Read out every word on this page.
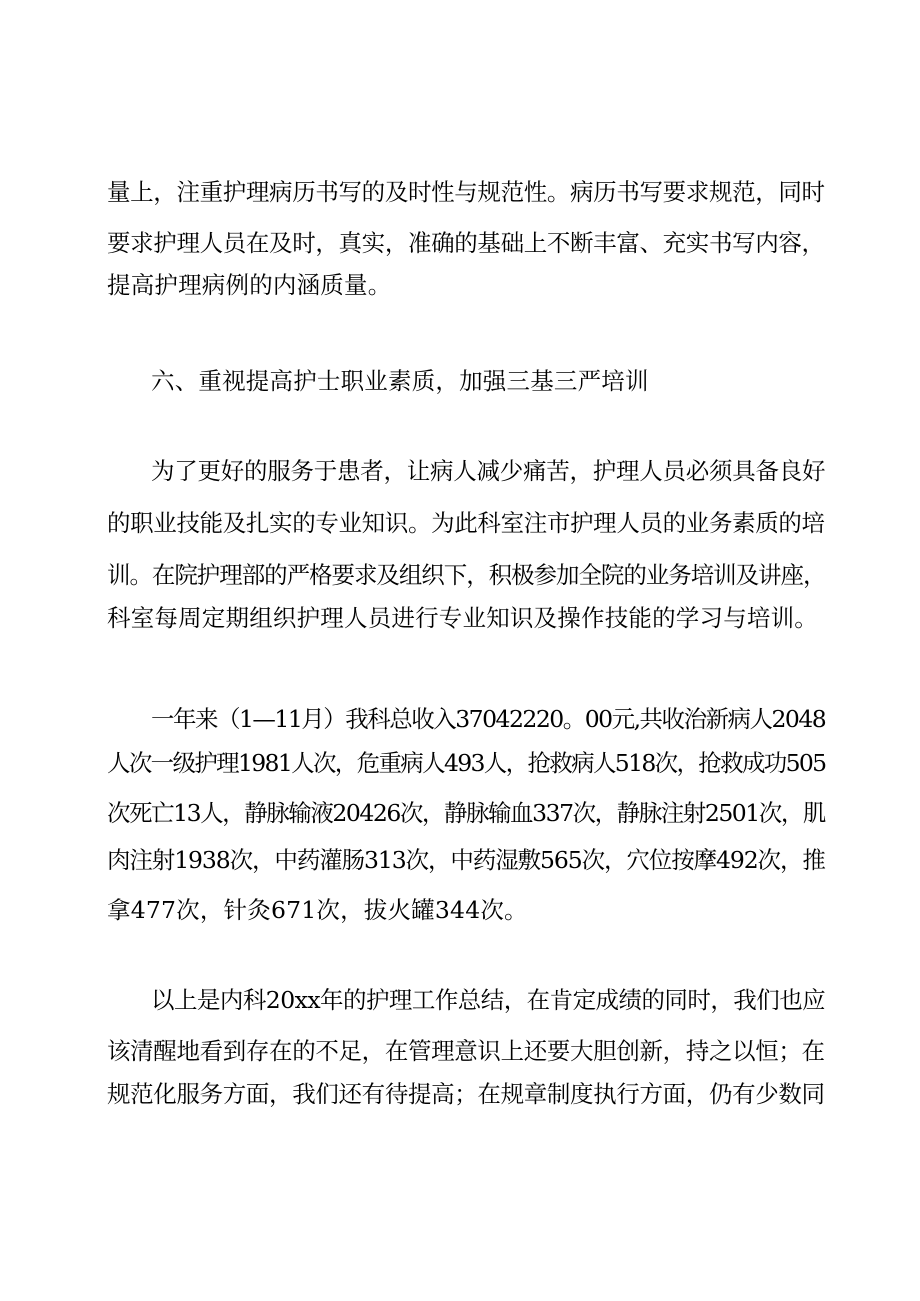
量上，注重护理病历书写的及时性与规范性。病历书写要求规范，同时
要求护理人员在及时，真实，准确的基础上不断丰富、充实书写内容，
提高护理病例的内涵质量。
六、重视提高护士职业素质，加强三基三严培训
为了更好的服务于患者，让病人减少痛苦，护理人员必须具备良好
的职业技能及扎实的专业知识。为此科室注市护理人员的业务素质的培
训。在院护理部的严格要求及组织下，积极参加全院的业务培训及讲座，
科室每周定期组织护理人员进行专业知识及操作技能的学习与培训。
一年来（1—11月）我科总收入37042220。00元,共收治新病人2048
人次一级护理1981人次，危重病人493人，抢救病人518次，抢救成功505
次死亡13人，静脉输液20426次，静脉输血337次，静脉注射2501次，肌
肉注射1938次，中药灌肠313次，中药湿敷565次，穴位按摩492次，推
拿477次，针灸671次，拔火罐344次。
以上是内科20xx年的护理工作总结，在肯定成绩的同时，我们也应
该清醒地看到存在的不足，在管理意识上还要大胆创新，持之以恒；在
规范化服务方面，我们还有待提高；在规章制度执行方面，仍有少数同
